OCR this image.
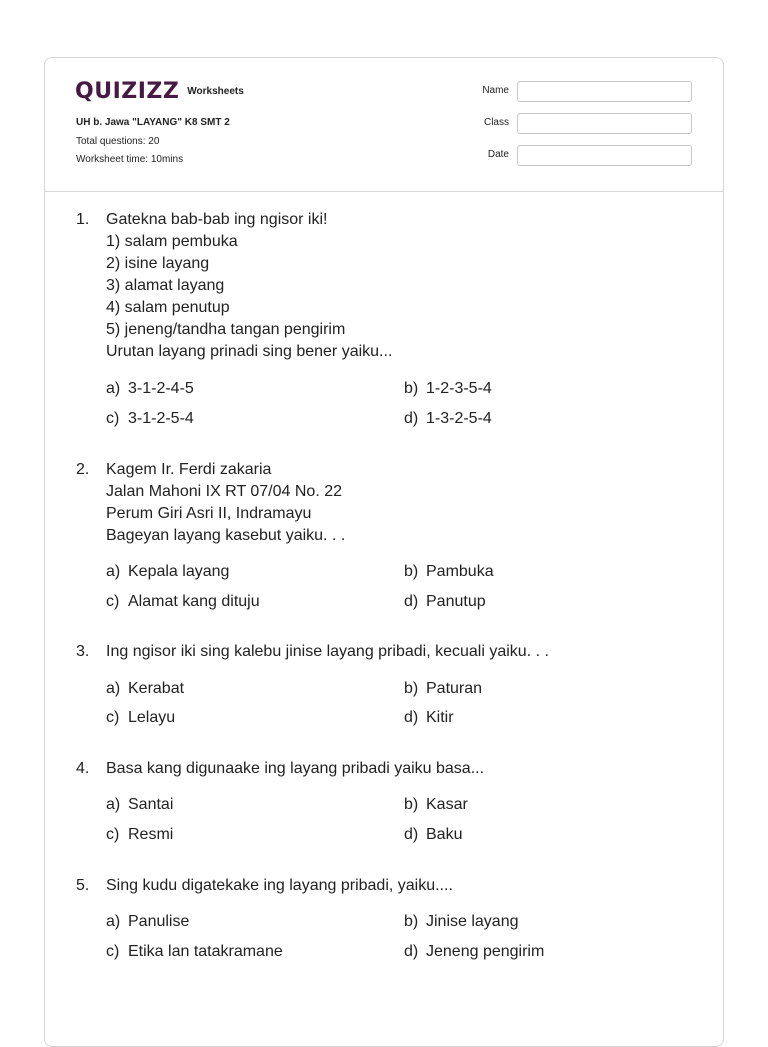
QUIZIZZ Worksheets
UH b. Jawa "LAYANG" K8 SMT 2
Total questions: 20
Worksheet time: 10mins
Name
Class
Date
1. Gatekna bab-bab ing ngisor iki!
1) salam pembuka
2) isine layang
3) alamat layang
4) salam penutup
5) jeneng/tandha tangan pengirim
Urutan layang prinadi sing bener yaiku...
a) 3-1-2-4-5	b) 1-2-3-5-4
c) 3-1-2-5-4	d) 1-3-2-5-4
2. Kagem Ir. Ferdi zakaria
Jalan Mahoni IX RT 07/04 No. 22
Perum Giri Asri II, Indramayu
Bageyan layang kasebut yaiku. . .
a) Kepala layang	b) Pambuka
c) Alamat kang dituju	d) Panutup
3. Ing ngisor iki sing kalebu jinise layang pribadi, kecuali yaiku. . .
a) Kerabat	b) Paturan
c) Lelayu	d) Kitir
4. Basa kang digunaake ing layang pribadi yaiku basa...
a) Santai	b) Kasar
c) Resmi	d) Baku
5. Sing kudu digatekake ing layang pribadi, yaiku....
a) Panulise	b) Jinise layang
c) Etika lan tatakramane	d) Jeneng pengirim
